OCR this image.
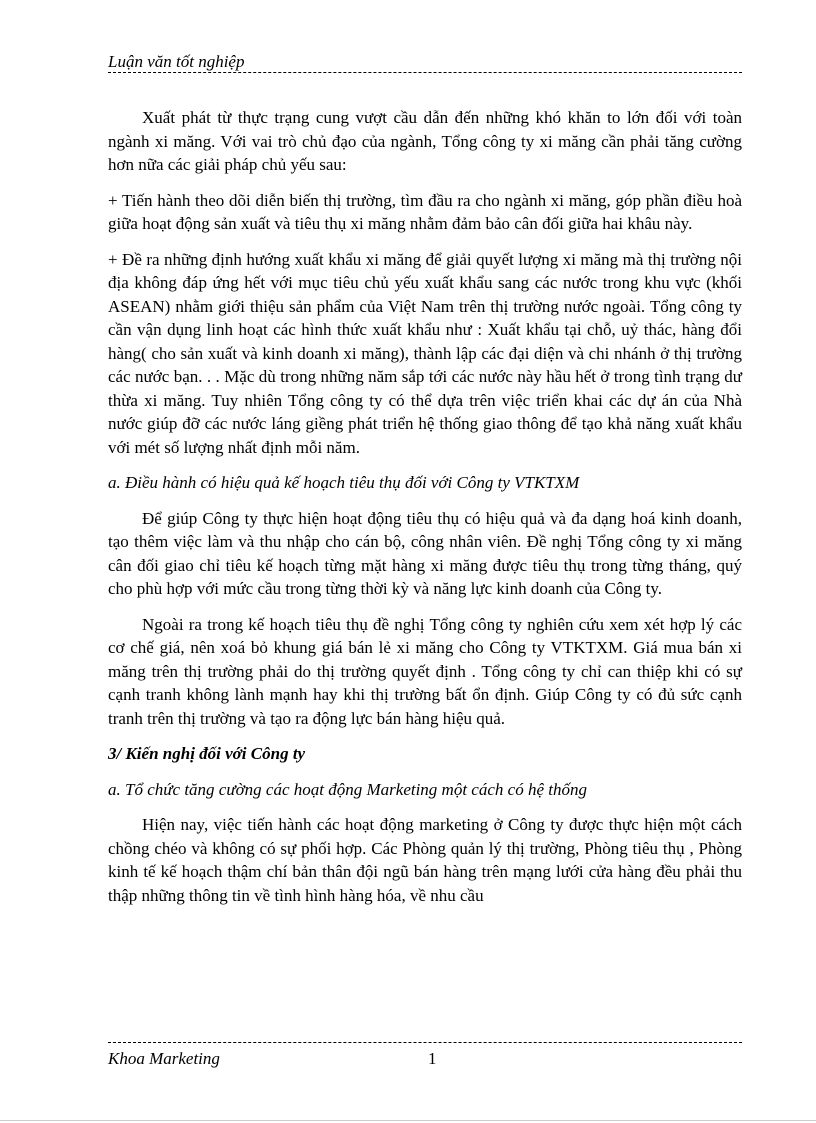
Luận văn tốt nghiệp

Xuất phát từ thực trạng cung vượt cầu dẫn đến những khó khăn to lớn đối với toàn ngành xi măng. Với vai trò chủ đạo của ngành, Tổng công ty xi măng cần phải tăng cường hơn nữa các giải pháp chủ yếu sau:

+ Tiến hành theo dõi diễn biến thị trường, tìm đầu ra cho ngành xi măng, góp phần điều hoà giữa hoạt động sản xuất và tiêu thụ xi măng nhằm đảm bảo cân đối giữa hai khâu này.

+ Đề ra những định hướng xuất khẩu xi măng để giải quyết lượng xi măng mà thị trường nội địa không đáp ứng hết với mục tiêu chủ yếu xuất khẩu sang các nước trong khu vực (khối ASEAN) nhằm giới thiệu sản phẩm của Việt Nam trên thị trường nước ngoài. Tổng công ty cần vận dụng linh hoạt các hình thức xuất khẩu như : Xuất khẩu tại chỗ, uỷ thác, hàng đổi hàng( cho sản xuất và kinh doanh xi măng), thành lập các đại diện và chi nhánh ở thị trường các nước bạn. . . Mặc dù trong những năm sắp tới các nước này hầu hết ở trong tình trạng dư thừa xi măng. Tuy nhiên Tổng công ty có thể dựa trên việc triển khai các dự án của Nhà nước giúp đỡ các nước láng giềng phát triển hệ thống giao thông để tạo khả năng xuất khẩu với mét số lượng nhất định mỗi năm.

a. Điều hành có hiệu quả kế hoạch tiêu thụ đối với Công ty VTKTXM

Để giúp Công ty thực hiện hoạt động tiêu thụ có hiệu quả và đa dạng hoá kinh doanh, tạo thêm việc làm và thu nhập cho cán bộ, công nhân viên. Đề nghị Tổng công ty xi măng cân đối giao chỉ tiêu kế hoạch từng mặt hàng xi măng được tiêu thụ trong từng tháng, quý cho phù hợp với mức cầu trong từng thời kỳ và năng lực kinh doanh của Công ty.

Ngoài ra trong kế hoạch tiêu thụ đề nghị Tổng công ty nghiên cứu xem xét hợp lý các cơ chế giá, nên xoá bỏ khung giá bán lẻ xi măng cho Công ty VTKTXM. Giá mua bán xi măng trên thị trường phải do thị trường quyết định . Tổng công ty chỉ can thiệp khi có sự cạnh tranh không lành mạnh hay khi thị trường bất ổn định. Giúp Công ty có đủ sức cạnh tranh trên thị trường và tạo ra động lực bán hàng hiệu quả.

3/ Kiến nghị đối với Công ty

a. Tổ chức tăng cường các hoạt động Marketing một cách có hệ thống

Hiện nay, việc tiến hành các hoạt động marketing ở Công ty được thực hiện một cách chồng chéo và không có sự phối hợp. Các Phòng quản lý thị trường, Phòng tiêu thụ , Phòng kinh tế kế hoạch thậm chí bản thân đội ngũ bán hàng trên mạng lưới cửa hàng đều phải thu thập những thông tin về tình hình hàng hóa, về nhu cầu

Khoa Marketing	1
